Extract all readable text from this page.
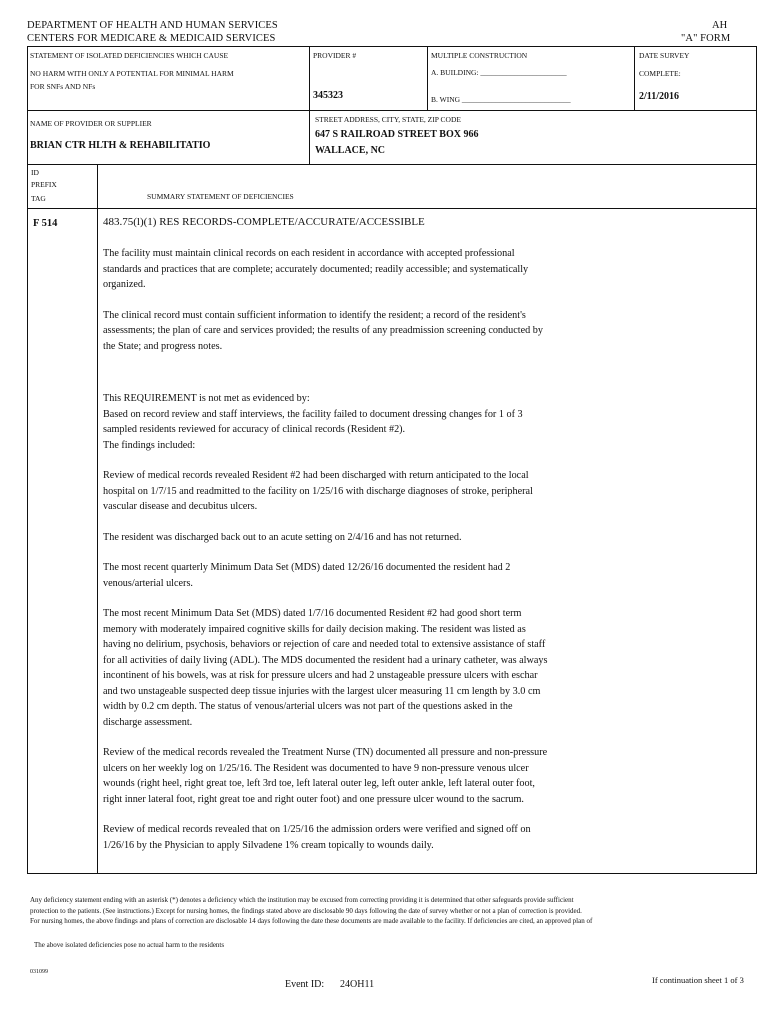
DEPARTMENT OF HEALTH AND HUMAN SERVICES
CENTERS FOR MEDICARE & MEDICAID SERVICES
AH
"A" FORM
STATEMENT OF ISOLATED DEFICIENCIES WHICH CAUSE
NO HARM WITH ONLY A POTENTIAL FOR MINIMAL HARM
FOR SNFs AND NFs
PROVIDER #
345323
MULTIPLE CONSTRUCTION
A. BUILDING: _______________________
B. WING _____________________________
DATE SURVEY
COMPLETE:
2/11/2016
NAME OF PROVIDER OR SUPPLIER
BRIAN CTR HLTH & REHABILITATIO
STREET ADDRESS, CITY, STATE, ZIP CODE
647 S RAILROAD STREET BOX 966
WALLACE, NC
ID
PREFIX
TAG	SUMMARY STATEMENT OF DEFICIENCIES
F 514	483.75(l)(1) RES RECORDS-COMPLETE/ACCURATE/ACCESSIBLE
The facility must maintain clinical records on each resident in accordance with accepted professional
standards and practices that are complete; accurately documented; readily accessible; and systematically
organized.
The clinical record must contain sufficient information to identify the resident; a record of the resident's
assessments; the plan of care and services provided; the results of any preadmission screening conducted by
the State; and progress notes.
This REQUIREMENT is not met as evidenced by:
Based on record review and staff interviews, the facility failed to document dressing changes for 1 of 3
sampled residents reviewed for accuracy of clinical records (Resident #2).
The findings included:
Review of medical records revealed Resident #2 had been discharged with return anticipated to the local
hospital on 1/7/15 and readmitted to the facility on 1/25/16 with discharge diagnoses of stroke, peripheral
vascular disease and decubitus ulcers.
The resident was discharged back out to an acute setting on 2/4/16 and has not returned.
The most recent quarterly Minimum Data Set (MDS) dated 12/26/16 documented the resident had 2
venous/arterial ulcers.
The most recent Minimum Data Set (MDS) dated 1/7/16 documented Resident #2 had good short term
memory with moderately impaired cognitive skills for daily decision making. The resident was listed as
having no delirium, psychosis, behaviors or rejection of care and needed total to extensive assistance of staff
for all activities of daily living (ADL). The MDS documented the resident had a urinary catheter, was always
incontinent of his bowels, was at risk for pressure ulcers and had 2 unstageable pressure ulcers with eschar
and two unstageable suspected deep tissue injuries with the largest ulcer measuring 11 cm length by 3.0 cm
width by 0.2 cm depth. The status of venous/arterial ulcers was not part of the questions asked in the
discharge assessment.
Review of the medical records revealed the Treatment Nurse (TN) documented all pressure and non-pressure
ulcers on her weekly log on 1/25/16. The Resident was documented to have 9 non-pressure venous ulcer
wounds (right heel, right great toe, left 3rd toe, left lateral outer leg, left outer ankle, left lateral outer foot,
right inner lateral foot, right great toe and right outer foot) and one pressure ulcer wound to the sacrum.
Review of medical records revealed that on 1/25/16 the admission orders were verified and signed off on
1/26/16 by the Physician to apply Silvadene 1% cream topically to wounds daily.
Any deficiency statement ending with an asterisk (*) denotes a deficiency which the institution may be excused from correcting providing it is determined that other safeguards provide sufficient
protection to the patients. (See instructions.) Except for nursing homes, the findings stated above are disclosable 90 days following the date of survey whether or not a plan of correction is provided.
For nursing homes, the above findings and plans of correction are disclosable 14 days following the date these documents are made available to the facility. If deficiencies are cited, an approved plan of
The above isolated deficiencies pose no actual harm to the residents
031099
Event ID: 24OH11	If continuation sheet 1 of 3
